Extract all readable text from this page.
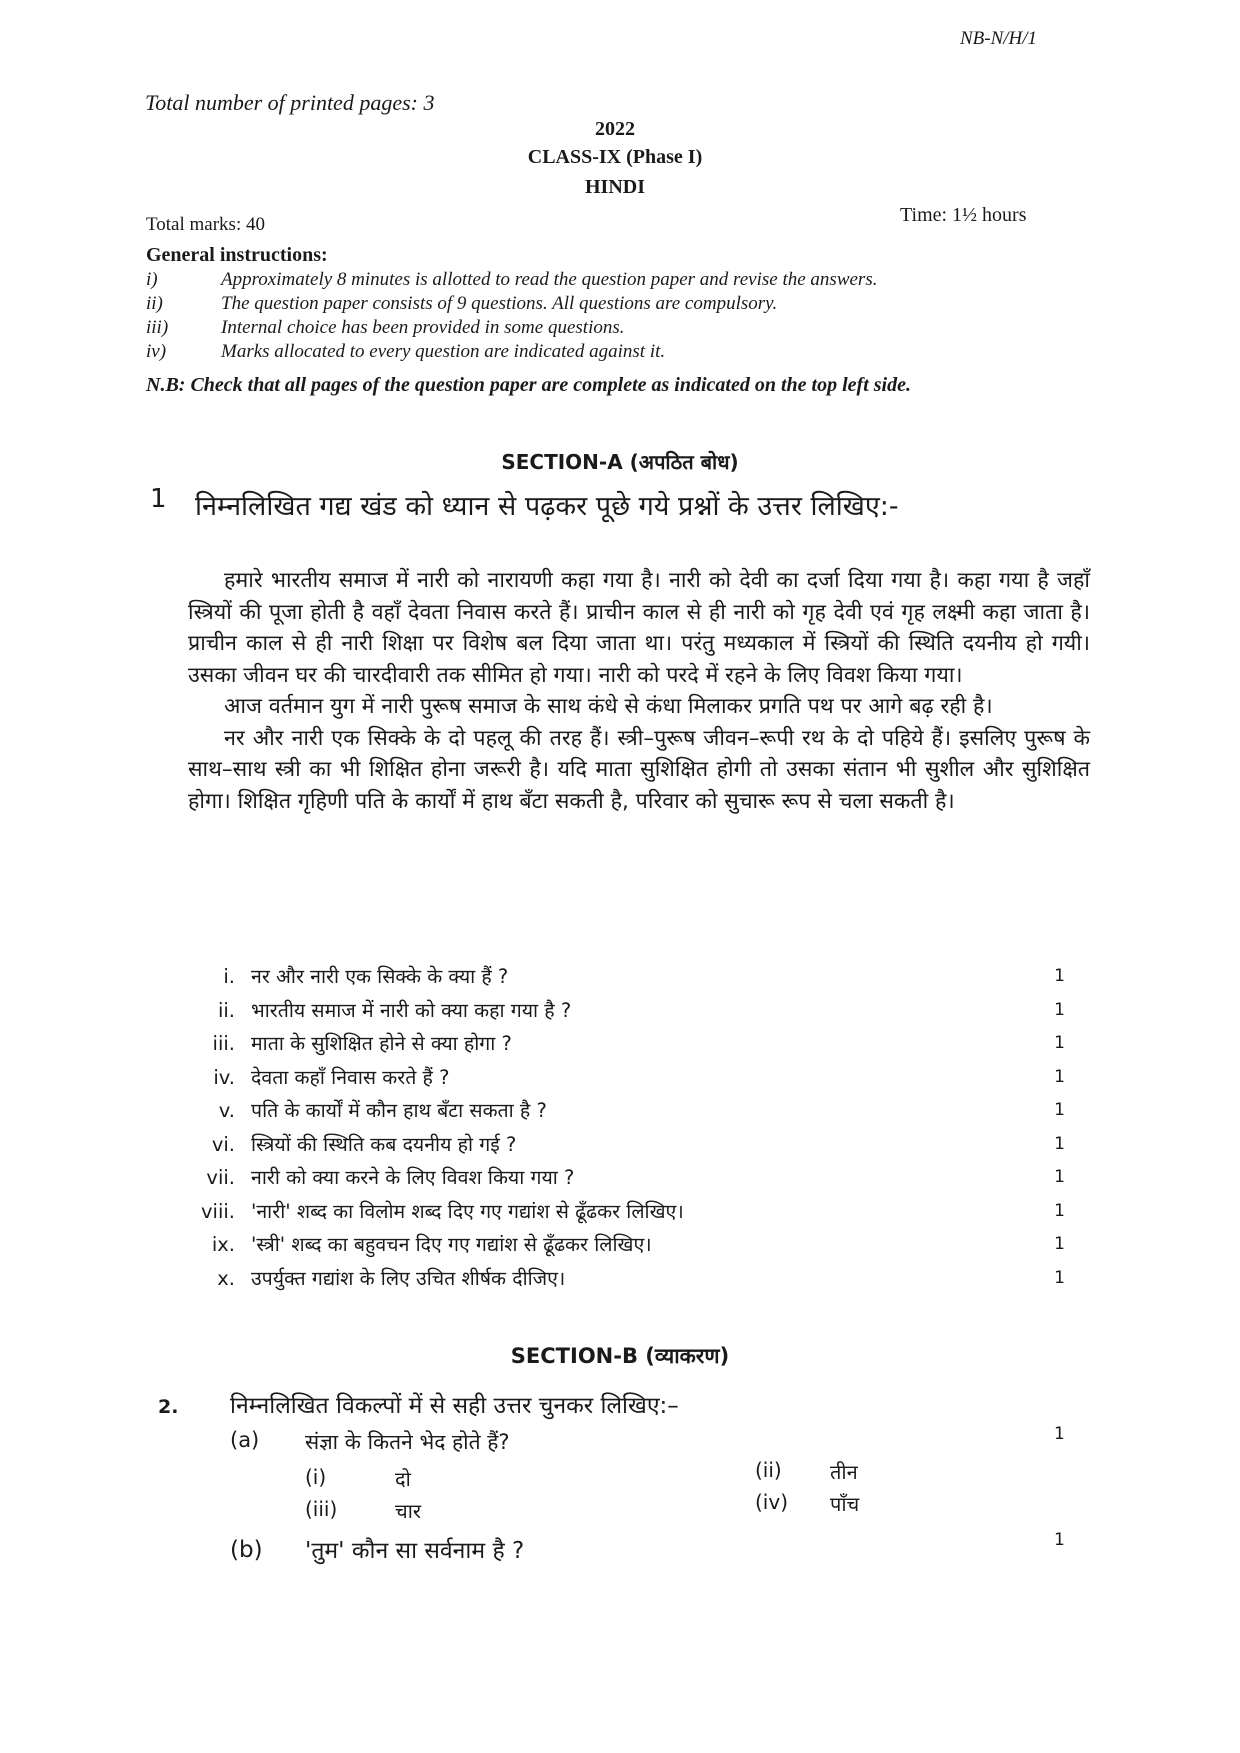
NB-N/H/1
Total number of printed pages: 3
2022
CLASS-IX (Phase I)
HINDI
Total marks: 40	Time: 1½ hours
General instructions:
i)	Approximately 8 minutes is allotted to read the question paper and revise the answers.
ii)	The question paper consists of 9 questions. All questions are compulsory.
iii)	Internal choice has been provided in some questions.
iv)	Marks allocated to every question are indicated against it.
N.B: Check that all pages of the question paper are complete as indicated on the top left side.
SECTION-A (अपठित बोध)
1 निम्नलिखित गद्य खंड को ध्यान से पढ़कर पूछे गये प्रश्नों के उत्तर लिखिए:-

हमारे भारतीय समाज में नारी को नारायणी कहा गया है। नारी को देवी का दर्जा दिया गया है। कहा गया है जहाँ स्त्रियों की पूजा होती है वहाँ देवता निवास करते हैं। प्राचीन काल से ही नारी को गृह देवी एवं गृह लक्ष्मी कहा जाता है। प्राचीन काल से ही नारी शिक्षा पर विशेष बल दिया जाता था। परंतु मध्यकाल में स्त्रियों की स्थिति दयनीय हो गयी। उसका जीवन घर की चारदीवारी तक सीमित हो गया। नारी को परदे में रहने के लिए विवश किया गया।

आज वर्तमान युग में नारी पुरूष समाज के साथ कंधे से कंधा मिलाकर प्रगति पथ पर आगे बढ़ रही है।

नर और नारी एक सिक्के के दो पहलू की तरह हैं। स्त्री–पुरूष जीवन–रूपी रथ के दो पहिये हैं। इसलिए पुरूष के साथ–साथ स्त्री का भी शिक्षित होना जरूरी है। यदि माता सुशिक्षित होगी तो उसका संतान भी सुशील और सुशिक्षित होगा। शिक्षित गृहिणी पति के कार्यों में हाथ बँटा सकती है, परिवार को सुचारू रूप से चला सकती है।

i. नर और नारी एक सिक्के के क्या हैं ?	1
ii. भारतीय समाज में नारी को क्या कहा गया है ?	1
iii. माता के सुशिक्षित होने से क्या होगा ?	1
iv. देवता कहाँ निवास करते हैं ?	1
v. पति के कार्यों में कौन हाथ बँटा सकता है ?	1
vi. स्त्रियों की स्थिति कब दयनीय हो गई ?	1
vii. नारी को क्या करने के लिए विवश किया गया ?	1
viii. 'नारी' शब्द का विलोम शब्द दिए गए गद्यांश से ढूँढकर लिखिए।	1
ix. 'स्त्री' शब्द का बहुवचन दिए गए गद्यांश से ढूँढकर लिखिए।	1
x. उपर्युक्त गद्यांश के लिए उचित शीर्षक दीजिए।	1
SECTION-B (व्याकरण)
2. निम्नलिखित विकल्पों में से सही उत्तर चुनकर लिखिए:–
(a) संज्ञा के कितने भेद होते हैं?	1
(i)	दो	(ii) तीन
(iii)	चार	(iv) पाँच
(b) 'तुम' कौन सा सर्वनाम है ?	1
